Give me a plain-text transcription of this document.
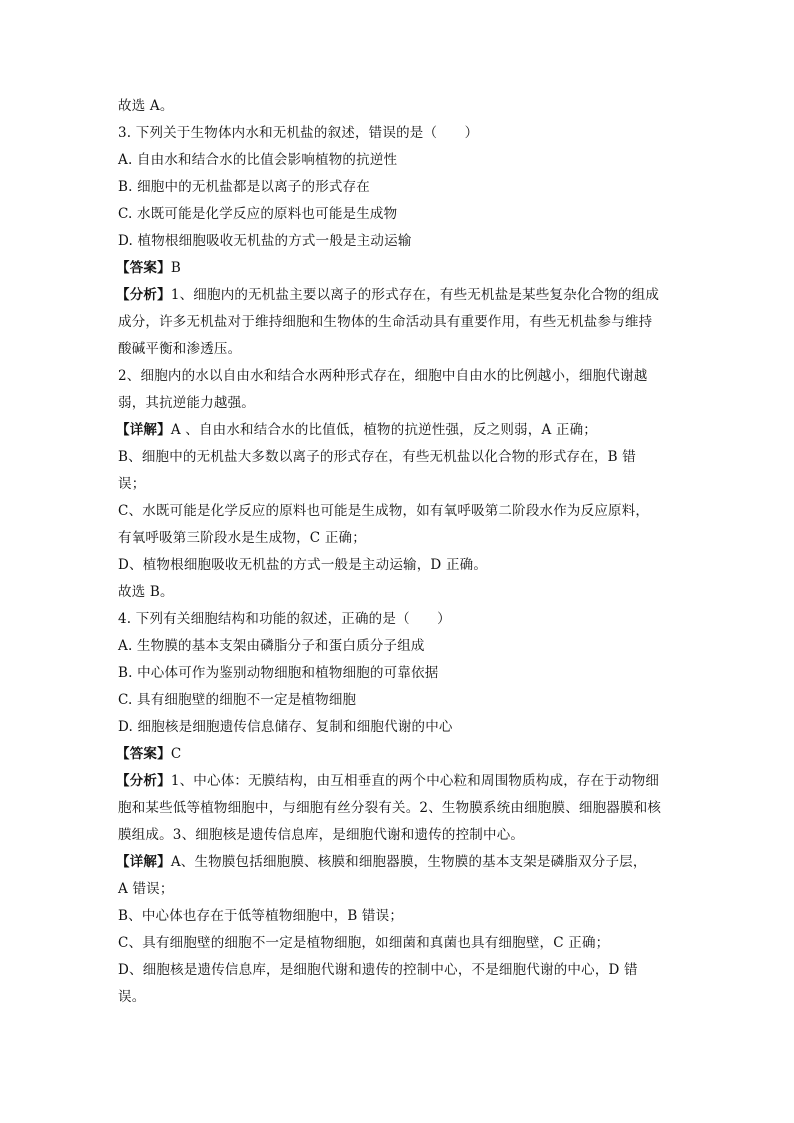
故选 A。
3. 下列关于生物体内水和无机盐的叙述，错误的是（　　）
A. 自由水和结合水的比值会影响植物的抗逆性
B. 细胞中的无机盐都是以离子的形式存在
C. 水既可能是化学反应的原料也可能是生成物
D. 植物根细胞吸收无机盐的方式一般是主动运输
【答案】B
【分析】1、细胞内的无机盐主要以离子的形式存在，有些无机盐是某些复杂化合物的组成
成分，许多无机盐对于维持细胞和生物体的生命活动具有重要作用，有些无机盐参与维持
酸碱平衡和渗透压。
2、细胞内的水以自由水和结合水两种形式存在，细胞中自由水的比例越小，细胞代谢越
弱，其抗逆能力越强。
【详解】A 、自由水和结合水的比值低，植物的抗逆性强，反之则弱，A 正确；
B、细胞中的无机盐大多数以离子的形式存在，有些无机盐以化合物的形式存在，B 错
误；
C、水既可能是化学反应的原料也可能是生成物，如有氧呼吸第二阶段水作为反应原料，
有氧呼吸第三阶段水是生成物，C 正确；
D、植物根细胞吸收无机盐的方式一般是主动运输，D 正确。
故选 B。
4. 下列有关细胞结构和功能的叙述，正确的是（　　）
A. 生物膜的基本支架由磷脂分子和蛋白质分子组成
B. 中心体可作为鉴别动物细胞和植物细胞的可靠依据
C. 具有细胞壁的细胞不一定是植物细胞
D. 细胞核是细胞遗传信息储存、复制和细胞代谢的中心
【答案】C
【分析】1、中心体：无膜结构，由互相垂直的两个中心粒和周围物质构成，存在于动物细
胞和某些低等植物细胞中，与细胞有丝分裂有关。2、生物膜系统由细胞膜、细胞器膜和核
膜组成。3、细胞核是遗传信息库，是细胞代谢和遗传的控制中心。
【详解】A、生物膜包括细胞膜、核膜和细胞器膜，生物膜的基本支架是磷脂双分子层，
A 错误；
B、中心体也存在于低等植物细胞中，B 错误；
C、具有细胞壁的细胞不一定是植物细胞，如细菌和真菌也具有细胞壁，C 正确；
D、细胞核是遗传信息库，是细胞代谢和遗传的控制中心，不是细胞代谢的中心，D 错
误。
